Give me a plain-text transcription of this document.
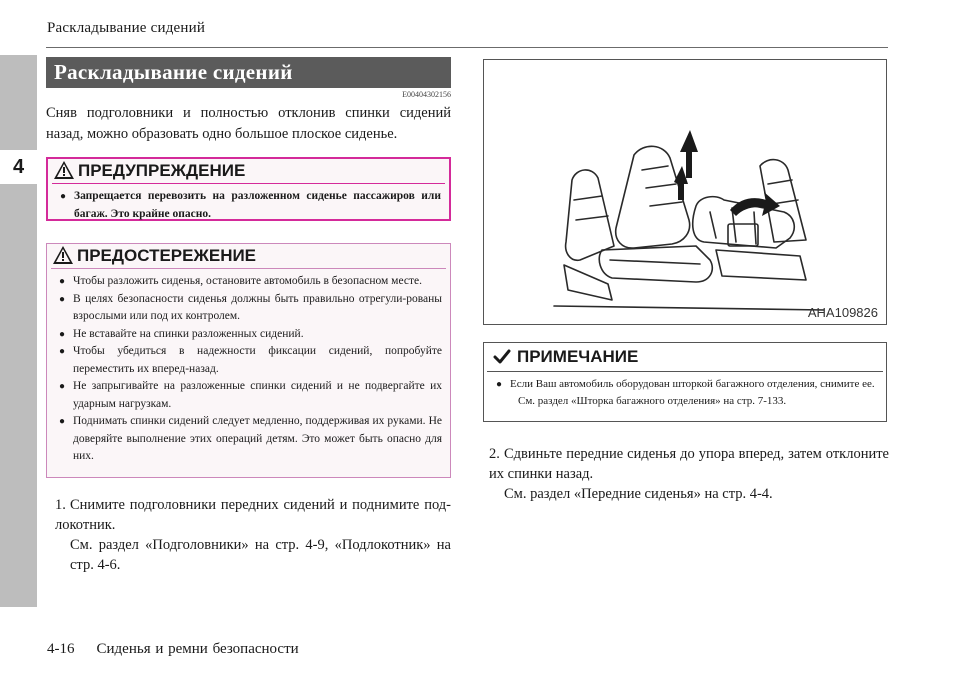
Раскладывание сидений
4
Раскладывание сидений
E00404302156
Сняв подголовники и полностью отклонив спинки сидений назад, можно образовать одно большое плоское сиденье.
ПРЕДУПРЕЖДЕНИЕ
● Запрещается перевозить на разложенном сиденье пассажиров или багаж. Это крайне опасно.
ПРЕДОСТЕРЕЖЕНИЕ
● Чтобы разложить сиденья, остановите автомобиль в безопасном месте.
● В целях безопасности сиденья должны быть правильно отрегули-рованы взрослыми или под их контролем.
● Не вставайте на спинки разложенных сидений.
● Чтобы убедиться в надежности фиксации сидений, попробуйте переместить их вперед-назад.
● Не запрыгивайте на разложенные спинки сидений и не подвергайте их ударным нагрузкам.
● Поднимать спинки сидений следует медленно, поддерживая их руками. Не доверяйте выполнение этих операций детям. Это может быть опасно для них.
1. Снимите подголовники передних сидений и поднимите под-локотник.
См. раздел «Подголовники» на стр. 4-9, «Подлокотник» на стр. 4-6.
AHA109826
ПРИМЕЧАНИЕ
● Если Ваш автомобиль оборудован шторкой багажного отделения, снимите ее.
См. раздел «Шторка багажного отделения» на стр. 7-133.
2. Сдвиньте передние сиденья до упора вперед, затем отклоните их спинки назад.
См. раздел «Передние сиденья» на стр. 4-4.
4-16 Сиденья и ремни безопасности
